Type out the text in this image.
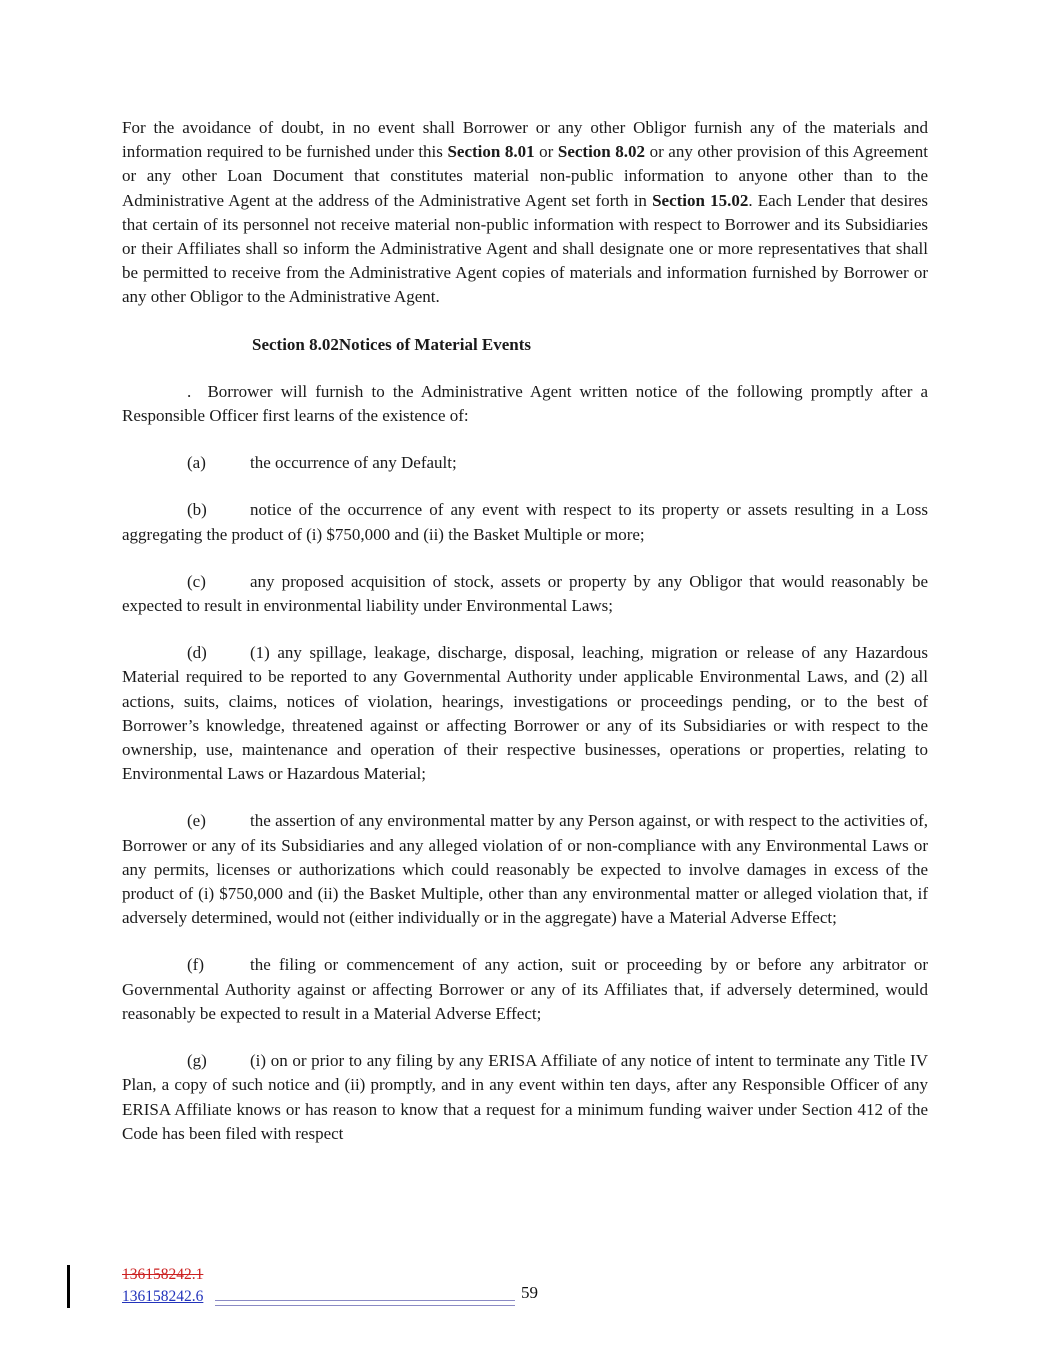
For the avoidance of doubt, in no event shall Borrower or any other Obligor furnish any of the materials and information required to be furnished under this Section 8.01 or Section 8.02 or any other provision of this Agreement or any other Loan Document that constitutes material non-public information to anyone other than to the Administrative Agent at the address of the Administrative Agent set forth in Section 15.02. Each Lender that desires that certain of its personnel not receive material non-public information with respect to Borrower and its Subsidiaries or their Affiliates shall so inform the Administrative Agent and shall designate one or more representatives that shall be permitted to receive from the Administrative Agent copies of materials and information furnished by Borrower or any other Obligor to the Administrative Agent.

Section 8.02Notices of Material Events

.  Borrower will furnish to the Administrative Agent written notice of the following promptly after a Responsible Officer first learns of the existence of:

(a)	the occurrence of any Default;

(b)	notice of the occurrence of any event with respect to its property or assets resulting in a Loss aggregating the product of (i) $750,000 and (ii) the Basket Multiple or more;

(c)	any proposed acquisition of stock, assets or property by any Obligor that would reasonably be expected to result in environmental liability under Environmental Laws;

(d)	(1) any spillage, leakage, discharge, disposal, leaching, migration or release of any Hazardous Material required to be reported to any Governmental Authority under applicable Environmental Laws, and (2) all actions, suits, claims, notices of violation, hearings, investigations or proceedings pending, or to the best of Borrower’s knowledge, threatened against or affecting Borrower or any of its Subsidiaries or with respect to the ownership, use, maintenance and operation of their respective businesses, operations or properties, relating to Environmental Laws or Hazardous Material;

(e)	the assertion of any environmental matter by any Person against, or with respect to the activities of, Borrower or any of its Subsidiaries and any alleged violation of or non-compliance with any Environmental Laws or any permits, licenses or authorizations which could reasonably be expected to involve damages in excess of the product of (i) $750,000 and (ii) the Basket Multiple, other than any environmental matter or alleged violation that, if adversely determined, would not (either individually or in the aggregate) have a Material Adverse Effect;

(f)	the filing or commencement of any action, suit or proceeding by or before any arbitrator or Governmental Authority against or affecting Borrower or any of its Affiliates that, if adversely determined, would reasonably be expected to result in a Material Adverse Effect;

(g)	(i) on or prior to any filing by any ERISA Affiliate of any notice of intent to terminate any Title IV Plan, a copy of such notice and (ii) promptly, and in any event within ten days, after any Responsible Officer of any ERISA Affiliate knows or has reason to know that a request for a minimum funding waiver under Section 412 of the Code has been filed with respect

136158242.1
136158242.6	59
